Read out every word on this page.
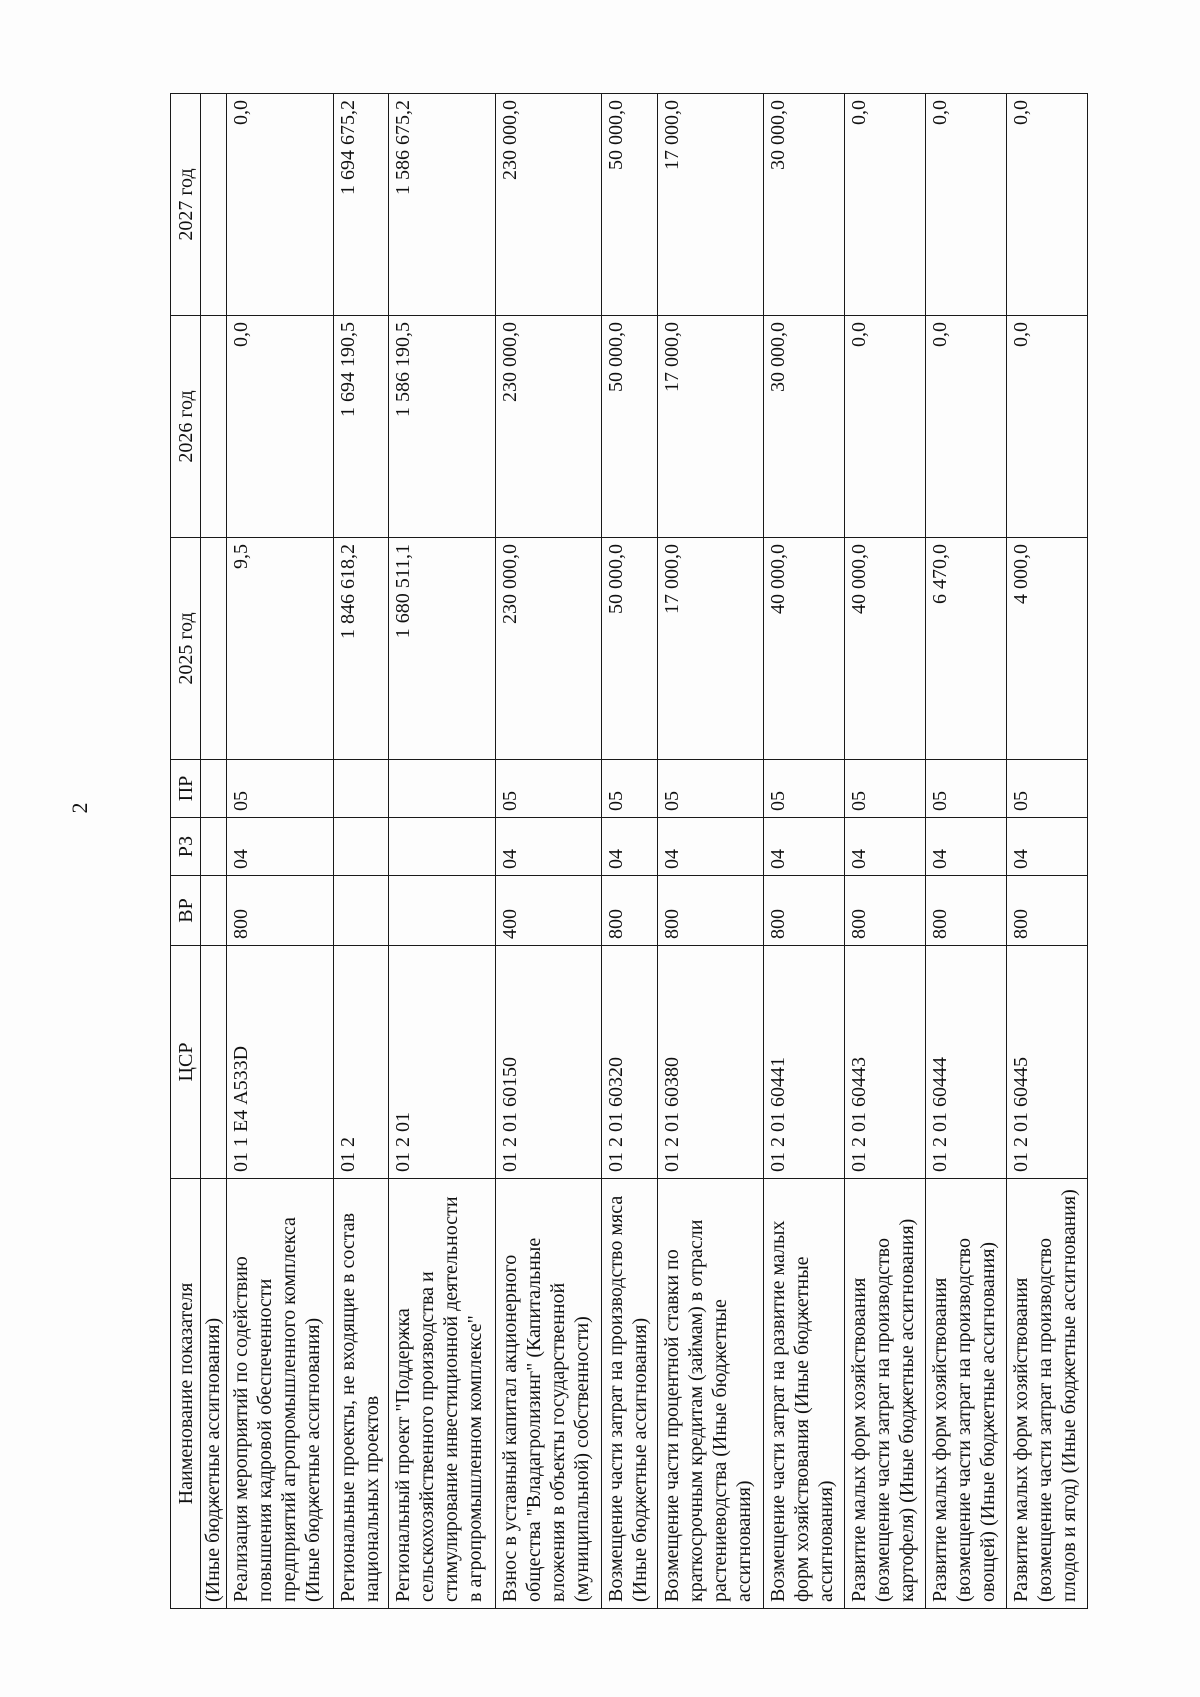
2
Наименование показателя	ЦСР	ВР	РЗ	ПР	2025 год	2026 год	2027 год
(Иные бюджетные ассигнования)							
Реализация мероприятий по содействию повышения кадровой обеспеченности предприятий агропромышленного комплекса (Иные бюджетные ассигнования)	01 1 Е4 А533D	800	04	05	9,5	0,0	0,0
Региональные проекты, не входящие в состав национальных проектов	01 2				1 846 618,2	1 694 190,5	1 694 675,2
Региональный проект "Поддержка сельскохозяйственного производства и стимулирование инвестиционной деятельности в агропромышленном комплексе"	01 2 01				1 680 511,1	1 586 190,5	1 586 675,2
Взнос в уставный капитал акционерного общества "Владагролизинг" (Капитальные вложения в объекты государственной (муниципальной) собственности)	01 2 01 60150	400	04	05	230 000,0	230 000,0	230 000,0
Возмещение части затрат на производство мяса (Иные бюджетные ассигнования)	01 2 01 60320	800	04	05	50 000,0	50 000,0	50 000,0
Возмещение части процентной ставки по краткосрочным кредитам (займам) в отрасли растениеводства (Иные бюджетные ассигнования)	01 2 01 60380	800	04	05	17 000,0	17 000,0	17 000,0
Возмещение части затрат на развитие малых форм хозяйствования (Иные бюджетные ассигнования)	01 2 01 60441	800	04	05	40 000,0	30 000,0	30 000,0
Развитие малых форм хозяйствования (возмещение части затрат на производство картофеля) (Иные бюджетные ассигнования)	01 2 01 60443	800	04	05	40 000,0	0,0	0,0
Развитие малых форм хозяйствования (возмещение части затрат на производство овощей) (Иные бюджетные ассигнования)	01 2 01 60444	800	04	05	6 470,0	0,0	0,0
Развитие малых форм хозяйствования (возмещение части затрат на производство плодов и ягод) (Иные бюджетные ассигнования)	01 2 01 60445	800	04	05	4 000,0	0,0	0,0
